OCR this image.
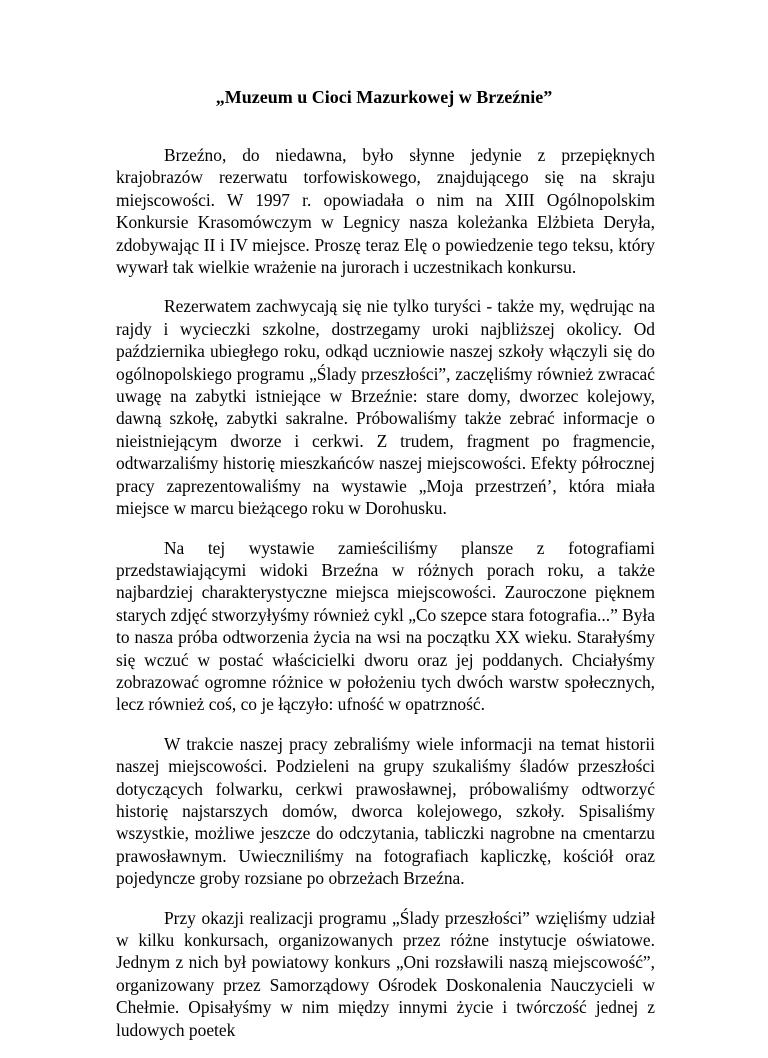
„Muzeum u Cioci Mazurkowej w Brzeźnie”

Brzeźno, do niedawna, było słynne jedynie z przepięknych krajobrazów rezerwatu torfowiskowego, znajdującego się na skraju miejscowości. W 1997 r. opowiadała o nim na XIII Ogólnopolskim Konkursie Krasomówczym w Legnicy nasza koleżanka Elżbieta Deryła, zdobywając II i IV miejsce. Proszę teraz Elę o powiedzenie tego teksu, który wywarł tak wielkie wrażenie na jurorach i uczestnikach konkursu.

Rezerwatem zachwycają się nie tylko turyści - także my, wędrując na rajdy i wycieczki szkolne, dostrzegamy uroki najbliższej okolicy. Od października ubiegłego roku, odkąd uczniowie naszej szkoły włączyli się do ogólnopolskiego programu „Ślady przeszłości”, zaczęliśmy również zwracać uwagę na zabytki istniejące w Brzeźnie: stare domy, dworzec kolejowy, dawną szkołę, zabytki sakralne. Próbowaliśmy także zebrać informacje o nieistniejącym dworze i cerkwi. Z trudem, fragment po fragmencie, odtwarzaliśmy historię mieszkańców naszej miejscowości. Efekty półrocznej pracy zaprezentowaliśmy na wystawie „Moja przestrzeń’, która miała miejsce w marcu bieżącego roku w Dorohusku.

Na tej wystawie zamieściliśmy plansze z fotografiami przedstawiającymi widoki Brzeźna w różnych porach roku, a także najbardziej charakterystyczne miejsca miejscowości. Zauroczone pięknem starych zdjęć stworzyłyśmy również cykl „Co szepce stara fotografia...” Była to nasza próba odtworzenia życia na wsi na początku XX wieku. Starałyśmy się wczuć w postać właścicielki dworu oraz jej poddanych. Chciałyśmy zobrazować ogromne różnice w położeniu tych dwóch warstw społecznych, lecz również coś, co je łączyło: ufność w opatrzność.

W trakcie naszej pracy zebraliśmy wiele informacji na temat historii naszej miejscowości. Podzieleni na grupy szukaliśmy śladów przeszłości dotyczących folwarku, cerkwi prawosławnej, próbowaliśmy odtworzyć historię najstarszych domów, dworca kolejowego, szkoły. Spisaliśmy wszystkie, możliwe jeszcze do odczytania, tabliczki nagrobne na cmentarzu prawosławnym. Uwieczniliśmy na fotografiach kapliczkę, kościół oraz pojedyncze groby rozsiane po obrzeżach Brzeźna.

Przy okazji realizacji programu „Ślady przeszłości” wzięliśmy udział w kilku konkursach, organizowanych przez różne instytucje oświatowe. Jednym z nich był powiatowy konkurs „Oni rozsławili naszą miejscowość”, organizowany przez Samorządowy Ośrodek Doskonalenia Nauczycieli w Chełmie. Opisałyśmy w nim między innymi życie i twórczość jednej z ludowych poetek
